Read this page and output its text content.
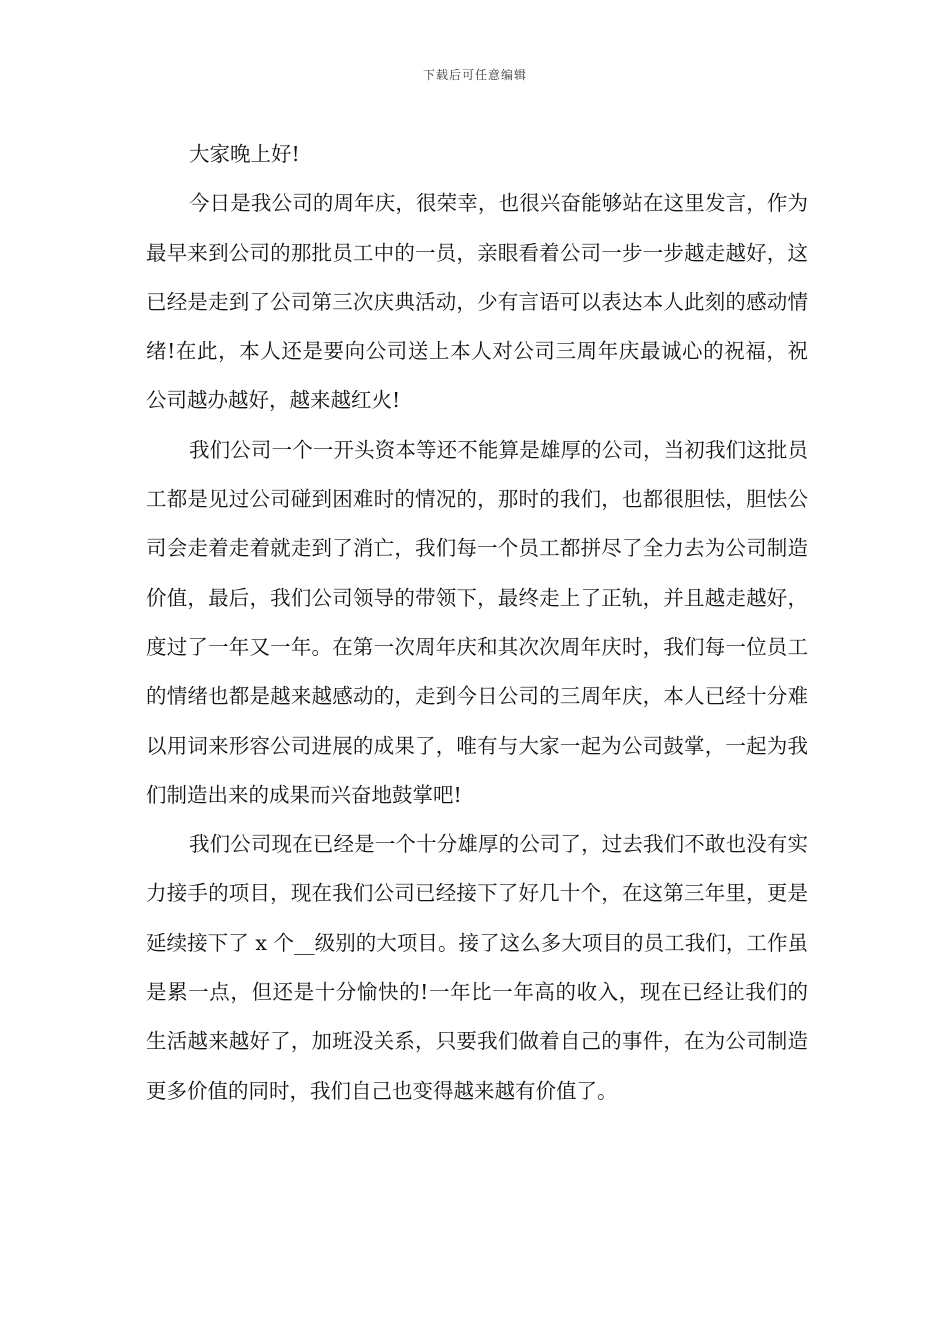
下载后可任意编辑

大家晚上好!

今日是我公司的周年庆，很荣幸，也很兴奋能够站在这里发言，作为最早来到公司的那批员工中的一员，亲眼看着公司一步一步越走越好，这已经是走到了公司第三次庆典活动，少有言语可以表达本人此刻的感动情绪!在此，本人还是要向公司送上本人对公司三周年庆最诚心的祝福，祝公司越办越好，越来越红火!

我们公司一个一开头资本等还不能算是雄厚的公司，当初我们这批员工都是见过公司碰到困难时的情况的，那时的我们，也都很胆怯，胆怯公司会走着走着就走到了消亡，我们每一个员工都拼尽了全力去为公司制造价值，最后，我们公司领导的带领下，最终走上了正轨，并且越走越好，度过了一年又一年。在第一次周年庆和其次次周年庆时，我们每一位员工的情绪也都是越来越感动的，走到今日公司的三周年庆，本人已经十分难以用词来形容公司进展的成果了，唯有与大家一起为公司鼓掌，一起为我们制造出来的成果而兴奋地鼓掌吧!

我们公司现在已经是一个十分雄厚的公司了，过去我们不敢也没有实力接手的项目，现在我们公司已经接下了好几十个，在这第三年里，更是延续接下了 x 个__级别的大项目。接了这么多大项目的员工我们，工作虽是累一点，但还是十分愉快的!一年比一年高的收入，现在已经让我们的生活越来越好了，加班没关系，只要我们做着自己的事件，在为公司制造更多价值的同时，我们自己也变得越来越有价值了。
